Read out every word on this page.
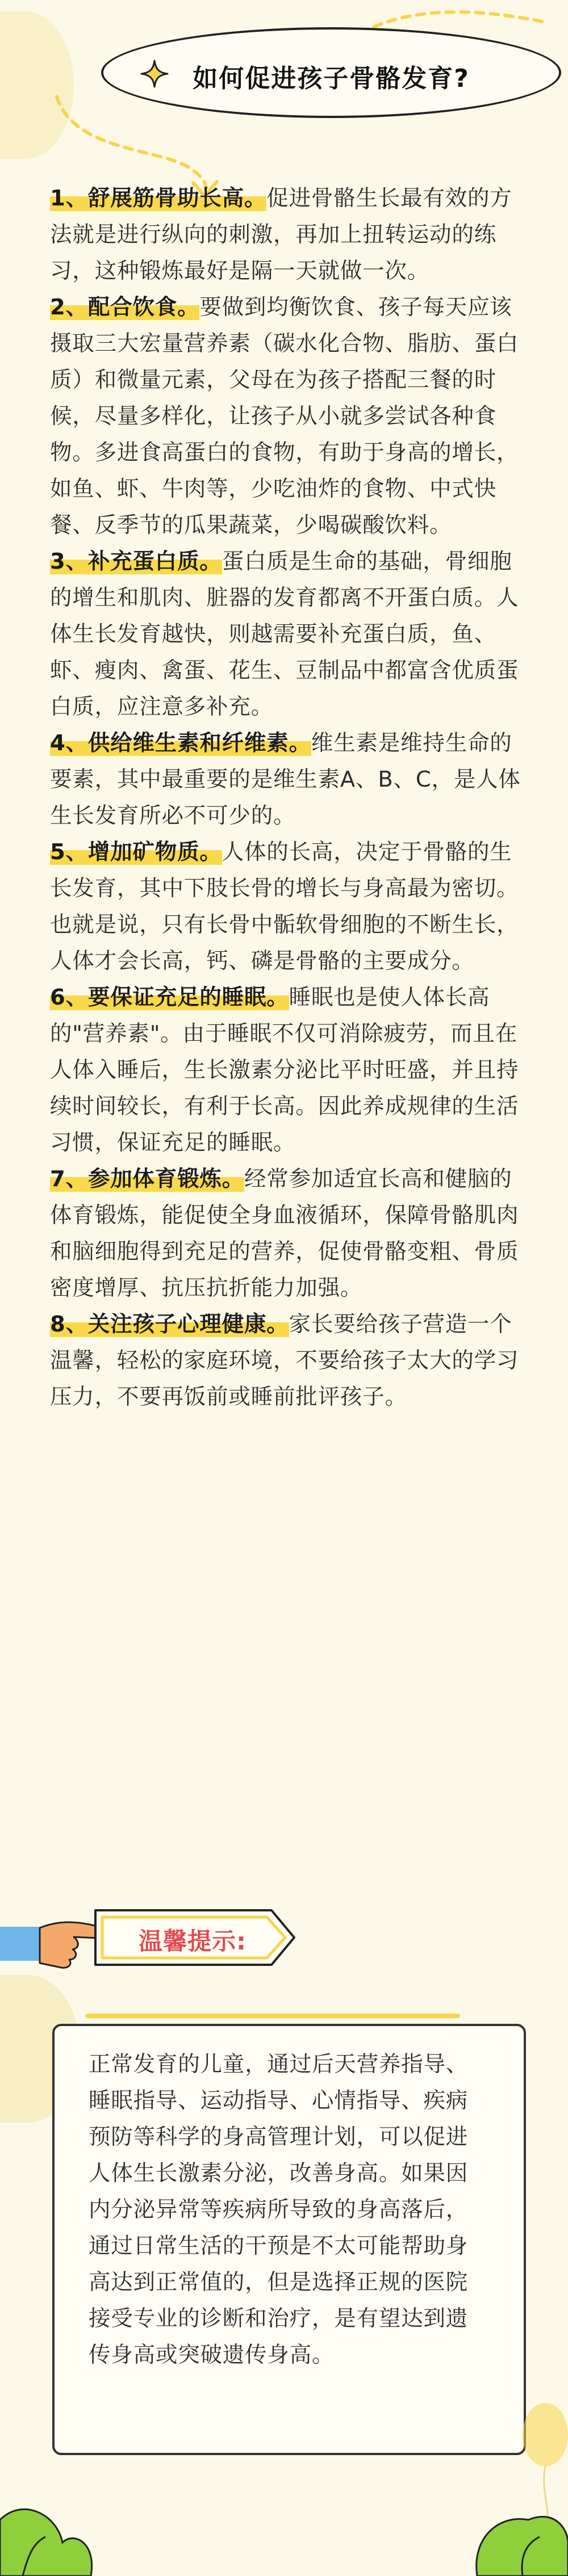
如何促进孩子骨骼发育?

1、舒展筋骨助长高。促进骨骼生长最有效的方法就是进行纵向的刺激，再加上扭转运动的练习，这种锻炼最好是隔一天就做一次。

2、配合饮食。要做到均衡饮食、孩子每天应该摄取三大宏量营养素（碳水化合物、脂肪、蛋白质）和微量元素，父母在为孩子搭配三餐的时候，尽量多样化，让孩子从小就多尝试各种食物。多进食高蛋白的食物，有助于身高的增长，如鱼、虾、牛肉等，少吃油炸的食物、中式快餐、反季节的瓜果蔬菜，少喝碳酸饮料。

3、补充蛋白质。蛋白质是生命的基础，骨细胞的增生和肌肉、脏器的发育都离不开蛋白质。人体生长发育越快，则越需要补充蛋白质，鱼、虾、瘦肉、禽蛋、花生、豆制品中都富含优质蛋白质，应注意多补充。

4、供给维生素和纤维素。维生素是维持生命的要素，其中最重要的是维生素A、B、C，是人体生长发育所必不可少的。

5、增加矿物质。人体的长高，决定于骨骼的生长发育，其中下肢长骨的增长与身高最为密切。也就是说，只有长骨中骺软骨细胞的不断生长，人体才会长高，钙、磷是骨骼的主要成分。

6、要保证充足的睡眠。睡眠也是使人体长高的"营养素"。由于睡眠不仅可消除疲劳，而且在人体入睡后，生长激素分泌比平时旺盛，并且持续时间较长，有利于长高。因此养成规律的生活习惯，保证充足的睡眠。

7、参加体育锻炼。经常参加适宜长高和健脑的体育锻炼，能促使全身血液循环，保障骨骼肌肉和脑细胞得到充足的营养，促使骨骼变粗、骨质密度增厚、抗压抗折能力加强。

8、关注孩子心理健康。家长要给孩子营造一个温馨，轻松的家庭环境，不要给孩子太大的学习压力，不要再饭前或睡前批评孩子。

温馨提示:

正常发育的儿童，通过后天营养指导、睡眠指导、运动指导、心情指导、疾病预防等科学的身高管理计划，可以促进人体生长激素分泌，改善身高。如果因内分泌异常等疾病所导致的身高落后，通过日常生活的干预是不太可能帮助身高达到正常值的，但是选择正规的医院接受专业的诊断和治疗，是有望达到遗传身高或突破遗传身高。
